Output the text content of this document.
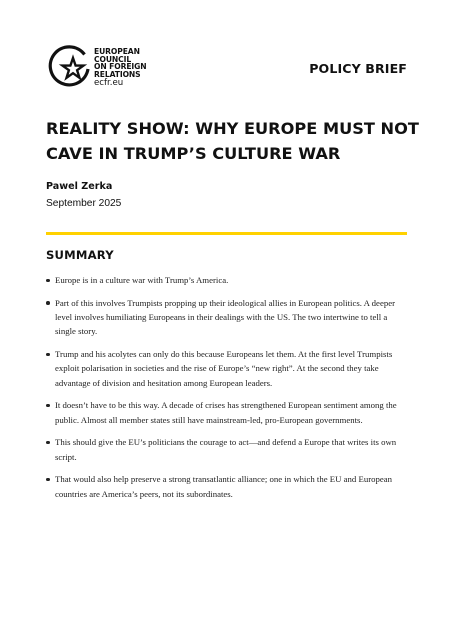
EUROPEAN
COUNCIL
ON FOREIGN
RELATIONS
ecfr.eu
POLICY BRIEF
REALITY SHOW: WHY EUROPE MUST NOT
CAVE IN TRUMP’S CULTURE WAR
Pawel Zerka
September 2025
SUMMARY
Europe is in a culture war with Trump’s America.
Part of this involves Trumpists propping up their ideological allies in European politics. A deeper level involves humiliating Europeans in their dealings with the US. The two intertwine to tell a single story.
Trump and his acolytes can only do this because Europeans let them. At the first level Trumpists exploit polarisation in societies and the rise of Europe’s “new right”. At the second they take advantage of division and hesitation among European leaders.
It doesn’t have to be this way. A decade of crises has strengthened European sentiment among the public. Almost all member states still have mainstream-led, pro-European governments.
This should give the EU’s politicians the courage to act—and defend a Europe that writes its own script.
That would also help preserve a strong transatlantic alliance; one in which the EU and European countries are America’s peers, not its subordinates.
